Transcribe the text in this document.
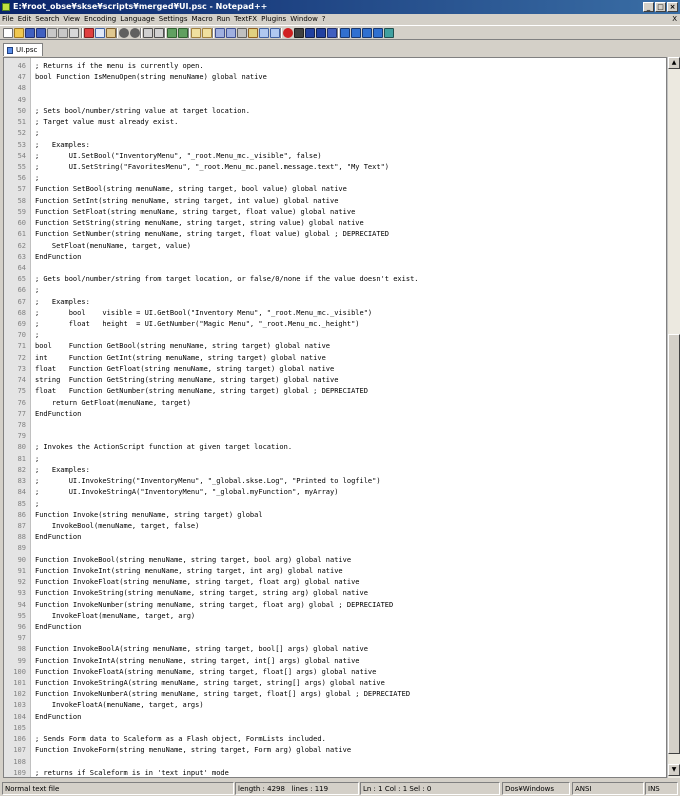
E:¥root_obse¥skse¥scripts¥merged¥UI.psc - Notepad++	_ □ ×
File Edit Search View Encoding Language Settings Macro Run TextFX Plugins Window ?	X
UI.psc
46 ; Returns if the menu is currently open.
47 bool Function IsMenuOpen(string menuName) global native
48
49
50 ; Sets bool/number/string value at target location.
51 ; Target value must already exist.
52 ;
53 ;   Examples:
54 ;       UI.SetBool("InventoryMenu", "_root.Menu_mc._visible", false)
55 ;       UI.SetString("FavoritesMenu", "_root.Menu_mc.panel.message.text", "My Text")
56 ;
57 Function SetBool(string menuName, string target, bool value) global native
58 Function SetInt(string menuName, string target, int value) global native
59 Function SetFloat(string menuName, string target, float value) global native
60 Function SetString(string menuName, string target, string value) global native
61 Function SetNumber(string menuName, string target, float value) global ; DEPRECIATED
62 SetFloat(menuName, target, value)
63 EndFunction
64
65 ; Gets bool/number/string from target location, or false/0/none if the value doesn't exist.
66 ;
67 ;   Examples:
68 ;       bool    visible = UI.GetBool("Inventory Menu", "_root.Menu_mc._visible")
69 ;       float   height  = UI.GetNumber("Magic Menu", "_root.Menu_mc._height")
70 ;
71 bool    Function GetBool(string menuName, string target) global native
72 int     Function GetInt(string menuName, string target) global native
73 float   Function GetFloat(string menuName, string target) global native
74 string  Function GetString(string menuName, string target) global native
75 float   Function GetNumber(string menuName, string target) global ; DEPRECIATED
76 return GetFloat(menuName, target)
77 EndFunction
78
79
80 ; Invokes the ActionScript function at given target location.
81 ;
82 ;   Examples:
83 ;       UI.InvokeString("InventoryMenu", "_global.skse.Log", "Printed to logfile")
84 ;       UI.InvokeStringA("InventoryMenu", "_global.myFunction", myArray)
85 ;
86 Function Invoke(string menuName, string target) global
87 InvokeBool(menuName, target, false)
88 EndFunction
89
90 Function InvokeBool(string menuName, string target, bool arg) global native
91 Function InvokeInt(string menuName, string target, int arg) global native
92 Function InvokeFloat(string menuName, string target, float arg) global native
93 Function InvokeString(string menuName, string target, string arg) global native
94 Function InvokeNumber(string menuName, string target, float arg) global ; DEPRECIATED
95 InvokeFloat(menuName, target, arg)
96 EndFunction
97
98 Function InvokeBoolA(string menuName, string target, bool[] args) global native
99 Function InvokeIntA(string menuName, string target, int[] args) global native
100 Function InvokeFloatA(string menuName, string target, float[] args) global native
101 Function InvokeStringA(string menuName, string target, string[] args) global native
102 Function InvokeNumberA(string menuName, string target, float[] args) global ; DEPRECIATED
103 InvokeFloatA(menuName, target, args)
104 EndFunction
105
106 ; Sends Form data to Scaleform as a Flash object, FormLists included.
107 Function InvokeForm(string menuName, string target, Form arg) global native
108
109 ; returns if Scaleform is in 'text input' mode
▲
▼
Normal text file	length : 4298 lines : 119	Ln : 1 Col : 1 Sel : 0	Dos¥Windows	ANSI	INS
